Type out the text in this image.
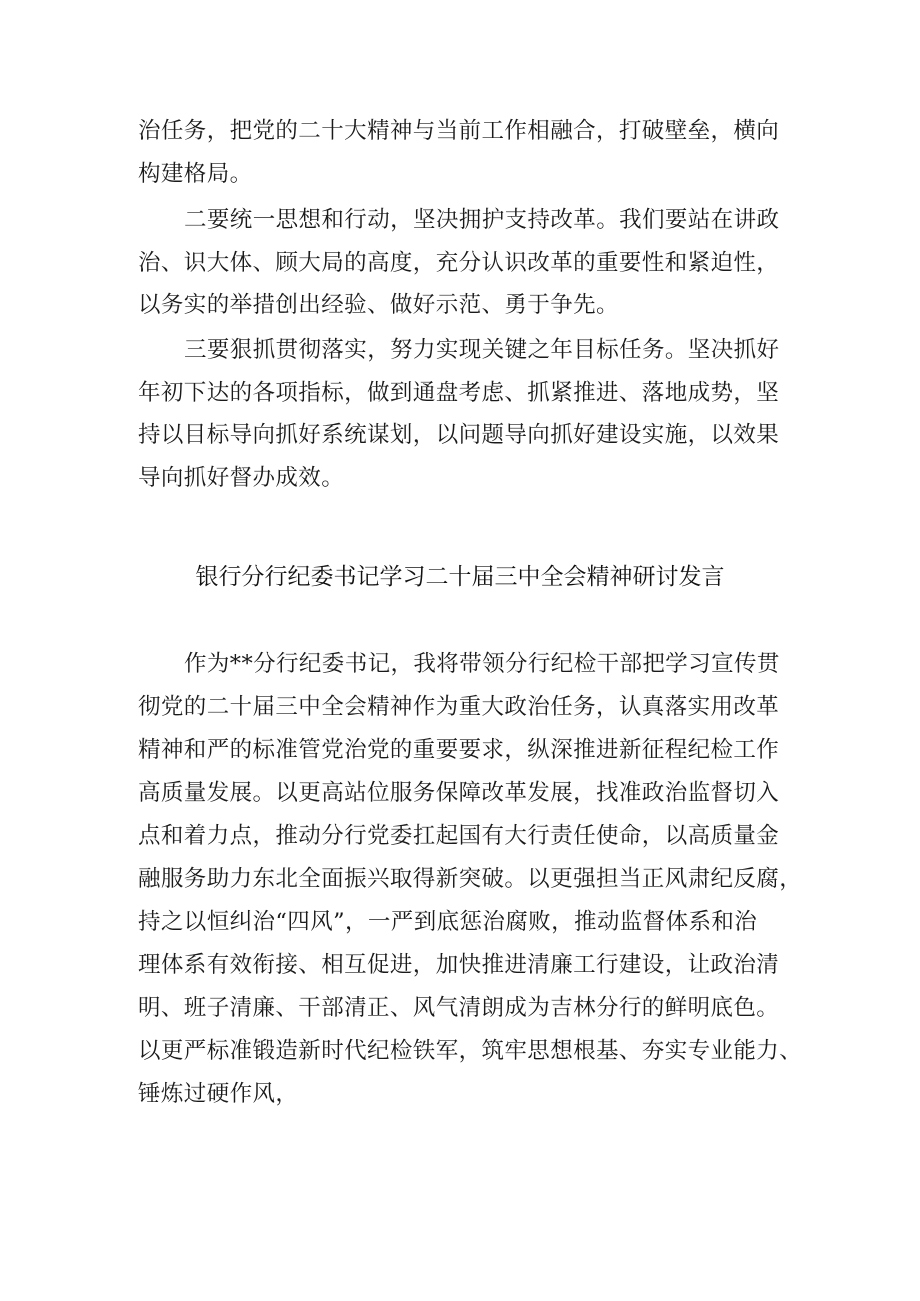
治任务，把党的二十大精神与当前工作相融合，打破壁垒，横向
构建格局。
二要统一思想和行动，坚决拥护支持改革。我们要站在讲政
治、识大体、顾大局的高度，充分认识改革的重要性和紧迫性，
以务实的举措创出经验、做好示范、勇于争先。
三要狠抓贯彻落实，努力实现关键之年目标任务。坚决抓好
年初下达的各项指标，做到通盘考虑、抓紧推进、落地成势，坚
持以目标导向抓好系统谋划，以问题导向抓好建设实施，以效果
导向抓好督办成效。
银行分行纪委书记学习二十届三中全会精神研讨发言
作为**分行纪委书记，我将带领分行纪检干部把学习宣传贯
彻党的二十届三中全会精神作为重大政治任务，认真落实用改革
精神和严的标准管党治党的重要要求，纵深推进新征程纪检工作
高质量发展。以更高站位服务保障改革发展，找准政治监督切入
点和着力点，推动分行党委扛起国有大行责任使命，以高质量金
融服务助力东北全面振兴取得新突破。以更强担当正风肃纪反腐，
持之以恒纠治“四风”，一严到底惩治腐败，推动监督体系和治
理体系有效衔接、相互促进，加快推进清廉工行建设，让政治清
明、班子清廉、干部清正、风气清朗成为吉林分行的鲜明底色。
以更严标准锻造新时代纪检铁军，筑牢思想根基、夯实专业能力、
锤炼过硬作风，
